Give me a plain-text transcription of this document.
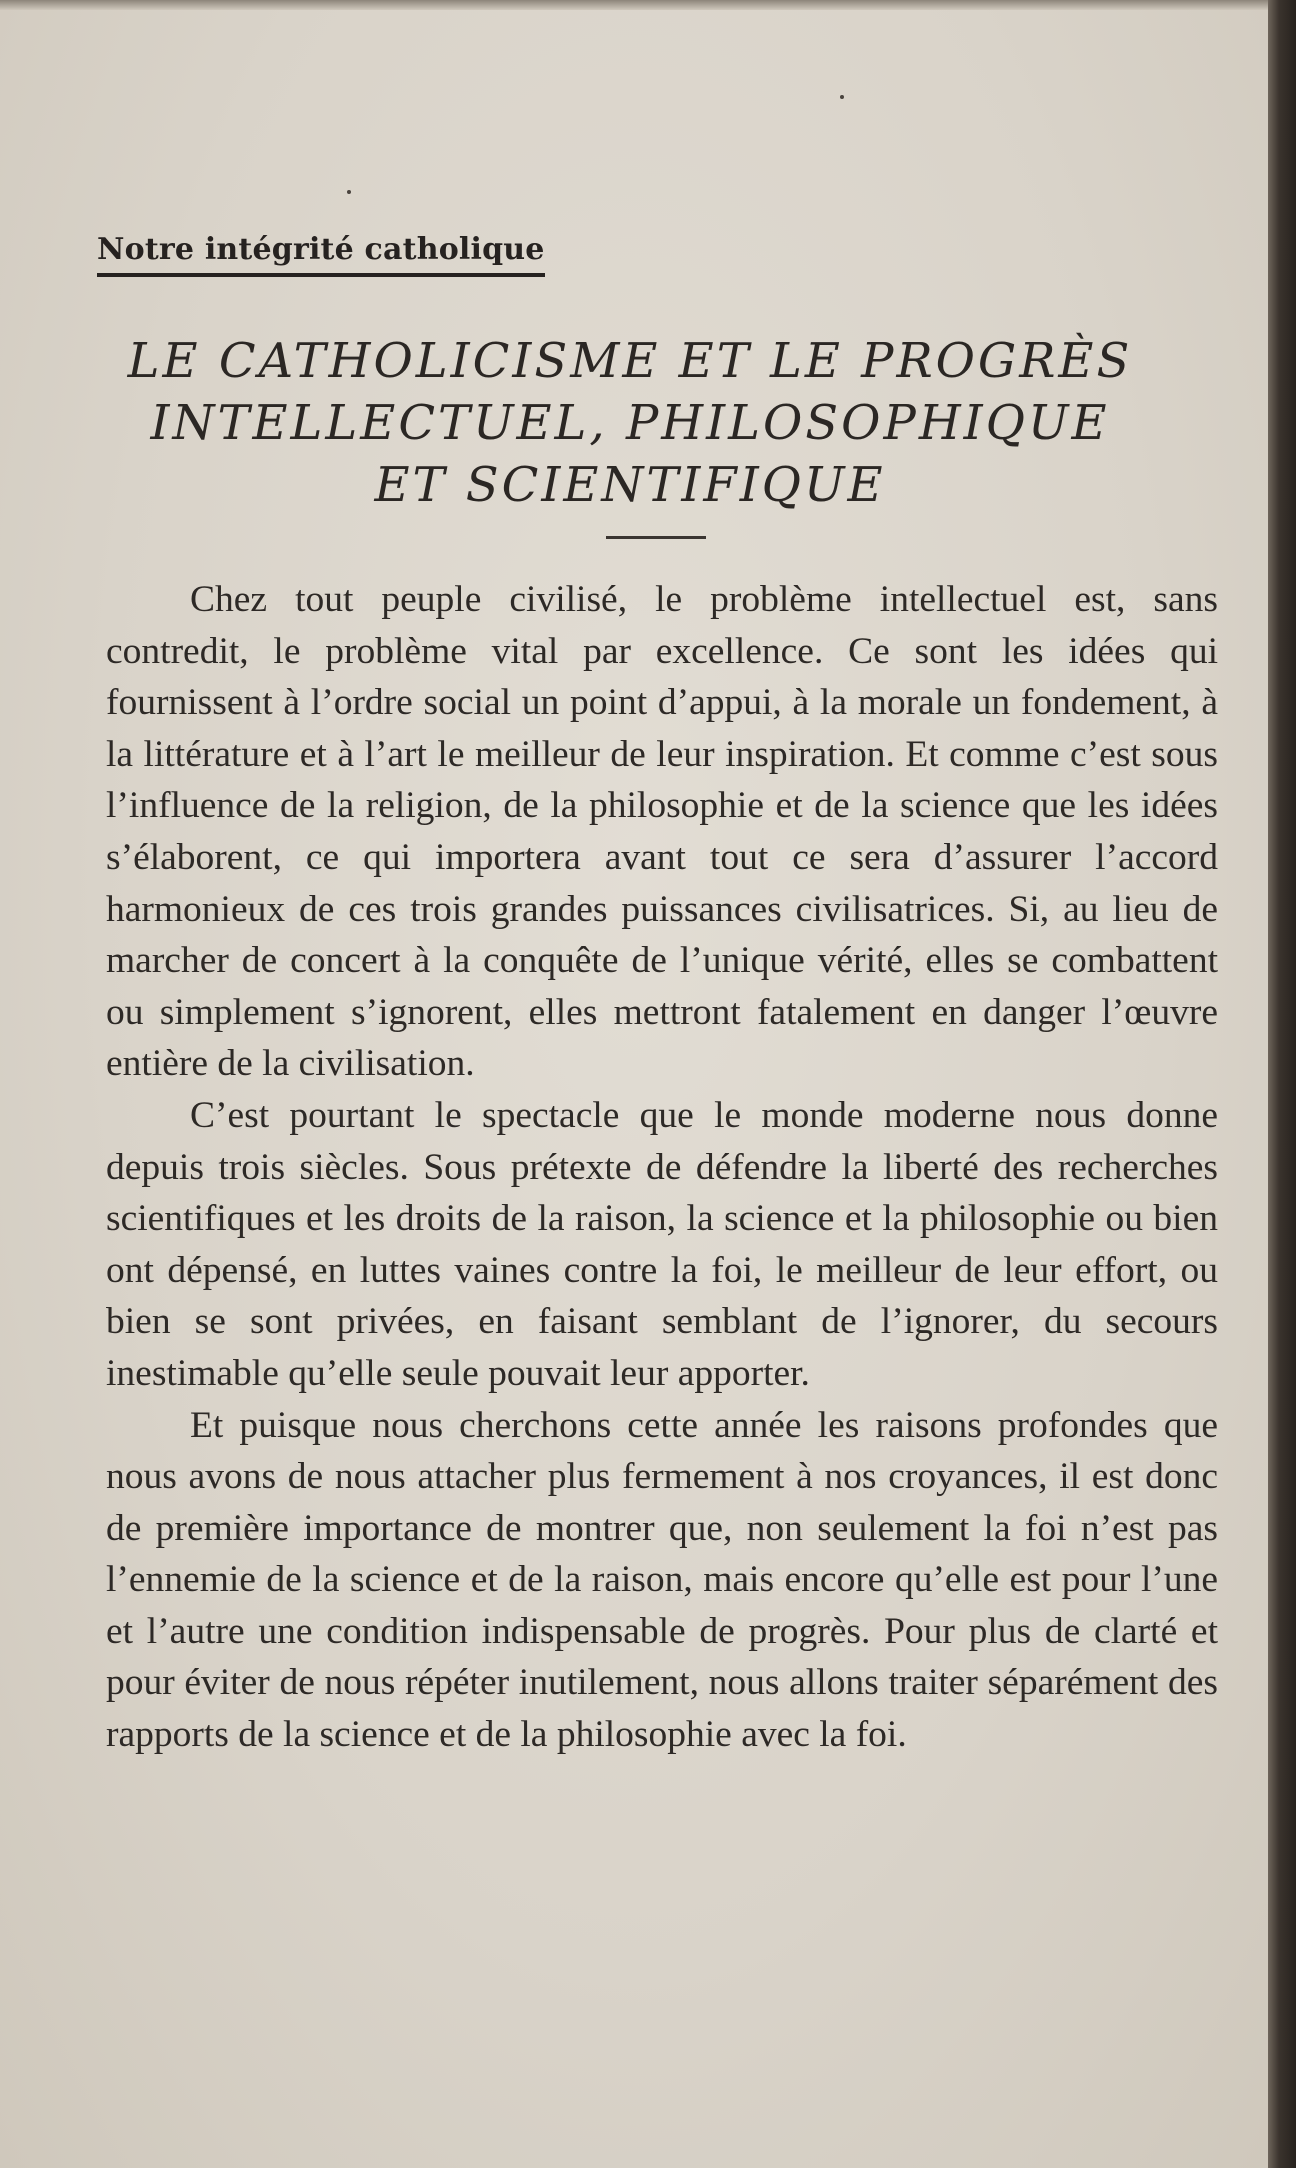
Notre intégrité catholique
LE CATHOLICISME ET LE PROGRÈS
INTELLECTUEL, PHILOSOPHIQUE
ET SCIENTIFIQUE

Chez tout peuple civilisé, le problème intellectuel est, sans contredit, le problème vital par excellence. Ce sont les idées qui fournissent à l’ordre social un point d’appui, à la morale un fondement, à la littérature et à l’art le meilleur de leur inspiration. Et comme c’est sous l’influence de la religion, de la philosophie et de la science que les idées s’élaborent, ce qui importera avant tout ce sera d’assurer l’accord harmonieux de ces trois grandes puissances civilisatrices. Si, au lieu de marcher de concert à la conquête de l’unique vérité, elles se combattent ou simplement s’ignorent, elles mettront fatalement en danger l’œuvre entière de la civilisation.

C’est pourtant le spectacle que le monde moderne nous donne depuis trois siècles. Sous prétexte de défendre la liberté des recherches scientifiques et les droits de la raison, la science et la philosophie ou bien ont dépensé, en luttes vaines contre la foi, le meilleur de leur effort, ou bien se sont privées, en faisant semblant de l’ignorer, du secours inestimable qu’elle seule pouvait leur apporter.

Et puisque nous cherchons cette année les raisons profondes que nous avons de nous attacher plus fermement à nos croyances, il est donc de première importance de montrer que, non seulement la foi n’est pas l’ennemie de la science et de la raison, mais encore qu’elle est pour l’une et l’autre une condition indispensable de progrès. Pour plus de clarté et pour éviter de nous répéter inutilement, nous allons traiter séparément des rapports de la science et de la philosophie avec la foi.
